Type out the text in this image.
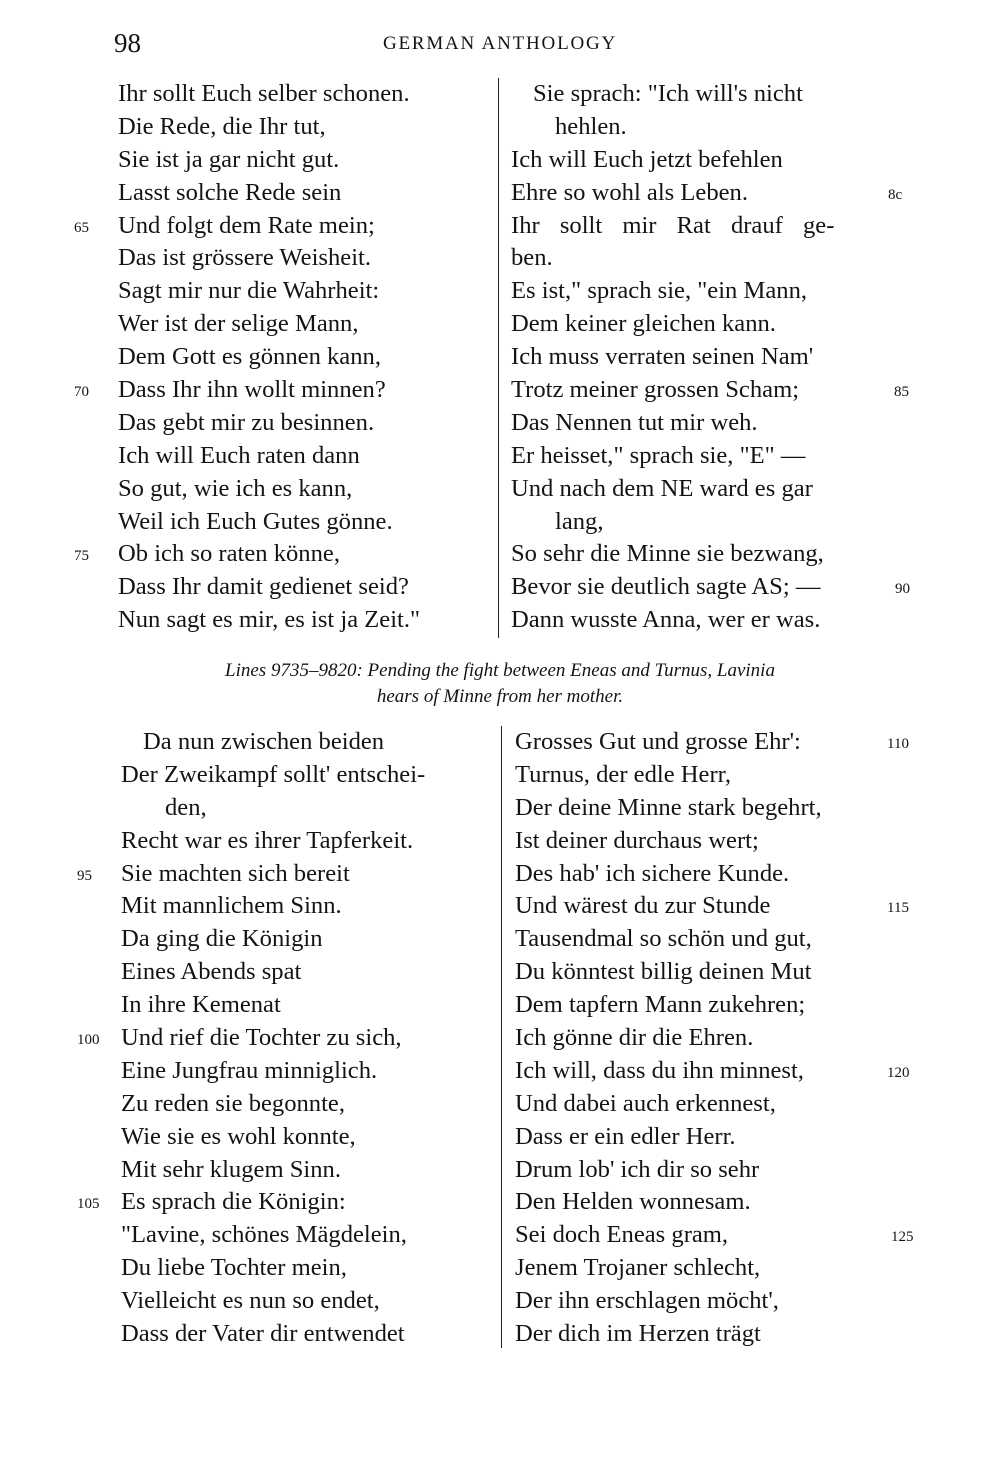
98	GERMAN ANTHOLOGY
Ihr sollt Euch selber schonen.
Die Rede, die Ihr tut,
Sie ist ja gar nicht gut.
Lasst solche Rede sein
65 Und folgt dem Rate mein;
Das ist grössere Weisheit.
Sagt mir nur die Wahrheit:
Wer ist der selige Mann,
Dem Gott es gönnen kann,
70 Dass Ihr ihn wollt minnen?
Das gebt mir zu besinnen.
Ich will Euch raten dann
So gut, wie ich es kann,
Weil ich Euch Gutes gönne.
75 Ob ich so raten könne,
Dass Ihr damit gedienet seid?
Nun sagt es mir, es ist ja Zeit."
Sie sprach: "Ich will's nicht
hehlen.
Ich will Euch jetzt befehlen
Ehre so wohl als Leben.	8c
Ihr sollt mir Rat drauf ge-
ben.
Es ist," sprach sie, "ein Mann,
Dem keiner gleichen kann.
Ich muss verraten seinen Nam'
Trotz meiner grossen Scham;	85
Das Nennen tut mir weh.
Er heisset," sprach sie, "E" —
Und nach dem NE ward es gar
lang,
So sehr die Minne sie bezwang,
Bevor sie deutlich sagte AS; —	90
Dann wusste Anna, wer er was.
Lines 9735–9820: Pending the fight between Eneas and Turnus, Lavinia
hears of Minne from her mother.
Da nun zwischen beiden
Der Zweikampf sollt' entschei-
den,
Recht war es ihrer Tapferkeit.
95 Sie machten sich bereit
Mit mannlichem Sinn.
Da ging die Königin
Eines Abends spat
In ihre Kemenat
100 Und rief die Tochter zu sich,
Eine Jungfrau minniglich.
Zu reden sie begonnte,
Wie sie es wohl konnte,
Mit sehr klugem Sinn.
105 Es sprach die Königin:
"Lavine, schönes Mägdelein,
Du liebe Tochter mein,
Vielleicht es nun so endet,
Dass der Vater dir entwendet
Grosses Gut und grosse Ehr':	110
Turnus, der edle Herr,
Der deine Minne stark begehrt,
Ist deiner durchaus wert;
Des hab' ich sichere Kunde.
Und wärest du zur Stunde	115
Tausendmal so schön und gut,
Du könntest billig deinen Mut
Dem tapfern Mann zukehren;
Ich gönne dir die Ehren.
Ich will, dass du ihn minnest,	120
Und dabei auch erkennest,
Dass er ein edler Herr.
Drum lob' ich dir so sehr
Den Helden wonnesam.
Sei doch Eneas gram,	125
Jenem Trojaner schlecht,
Der ihn erschlagen möcht',
Der dich im Herzen trägt
